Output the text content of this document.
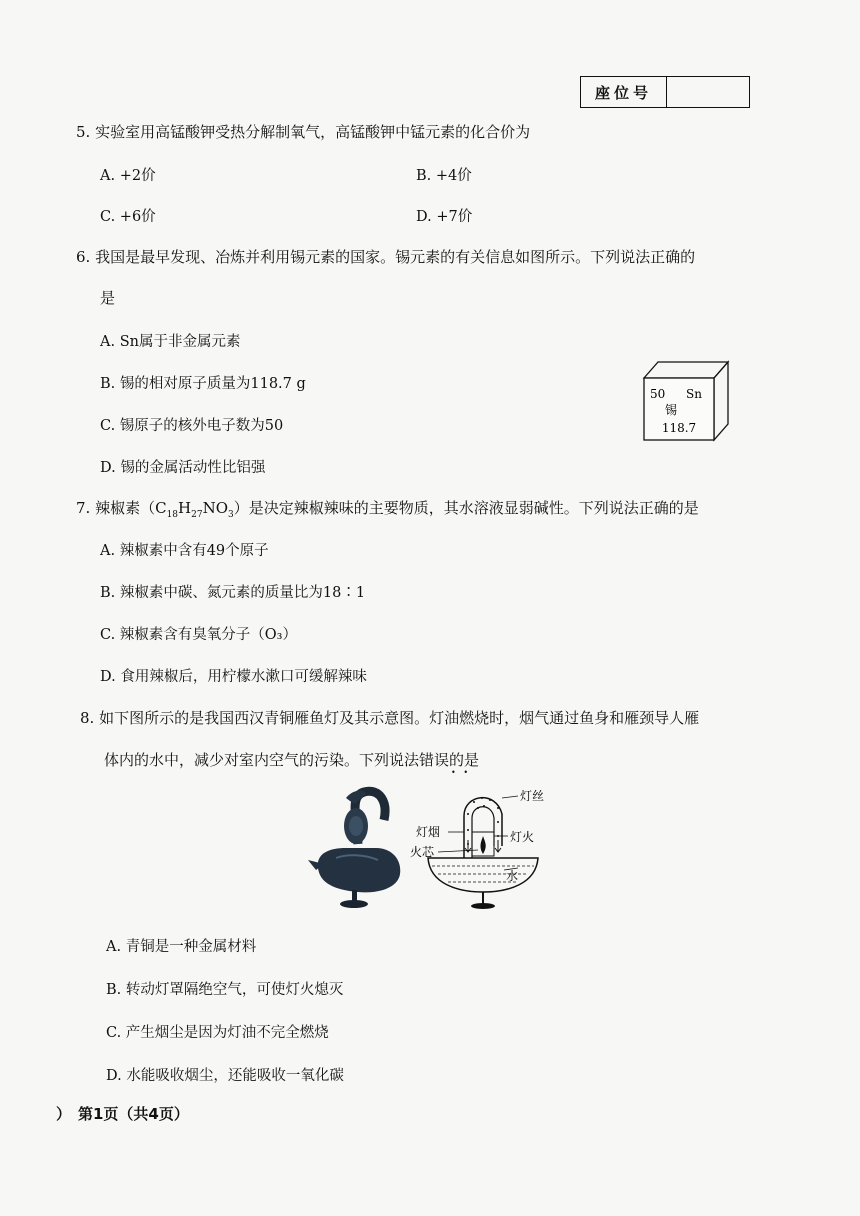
座位号
5. 实验室用高锰酸钾受热分解制氧气，高锰酸钾中锰元素的化合价为
A. +2价	B. +4价
C. +6价	D. +7价
6. 我国是最早发现、冶炼并利用锡元素的国家。锡元素的有关信息如图所示。下列说法正确的
是
A. Sn属于非金属元素
B. 锡的相对原子质量为118.7 g
C. 锡原子的核外电子数为50
D. 锡的金属活动性比铝强
50 Sn
锡
118.7
7. 辣椒素$(C_{18}H_{27}NO_3)$是决定辣椒辣味的主要物质，其水溶液显弱碱性。下列说法正确的是
A. 辣椒素中含有49个原子
B. 辣椒素中碳、氮元素的质量比为18∶1
C. 辣椒素含有臭氧分子（O₃）
D. 食用辣椒后，用柠檬水漱口可缓解辣味
8. 如下图所示的是我国西汉青铜雁鱼灯及其示意图。灯油燃烧时，烟气通过鱼身和雁颈导人雁
体内的水中，减少对室内空气的污染。下列说法错误的是
•   •
灯丝
灯烟	灯火
火芯
水
A. 青铜是一种金属材料
B. 转动灯罩隔绝空气，可使灯火熄灭
C. 产生烟尘是因为灯油不完全燃烧
D. 水能吸收烟尘，还能吸收一氧化碳
） 第1页（共4页）
